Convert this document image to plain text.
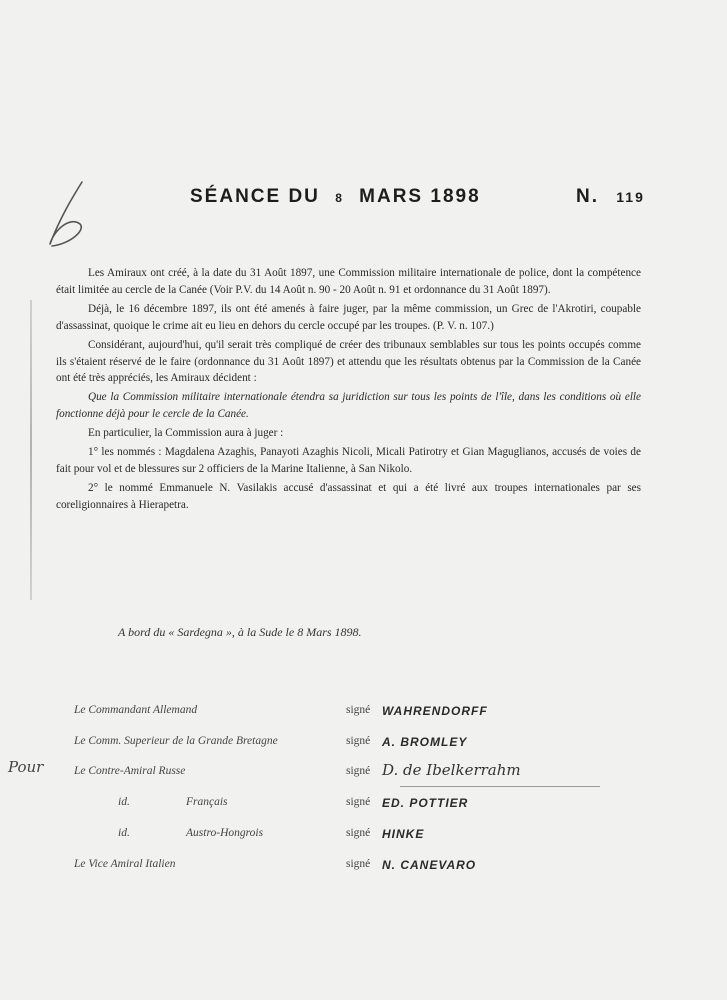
SÉANCE DU 8 MARS 1898	N. 119

Les Amiraux ont créé, à la date du 31 Août 1897, une Commission militaire internationale de police, dont la compétence était limitée au cercle de la Canée (Voir P.V. du 14 Août n. 90 - 20 Août n. 91 et ordonnance du 31 Août 1897).

Déjà, le 16 décembre 1897, ils ont été amenés à faire juger, par la même commission, un Grec de l'Akrotiri, coupable d'assassinat, quoique le crime ait eu lieu en dehors du cercle occupé par les troupes. (P. V. n. 107.)

Considérant, aujourd'hui, qu'il serait très compliqué de créer des tribunaux semblables sur tous les points occupés comme ils s'étaient réservé de le faire (ordonnance du 31 Août 1897) et attendu que les résultats obtenus par la Commission de la Canée ont été très appréciés, les Amiraux décident :

Que la Commission militaire internationale étendra sa juridiction sur tous les points de l'île, dans les conditions où elle fonctionne déjà pour le cercle de la Canée.

En particulier, la Commission aura à juger :

1° les nommés : Magdalena Azaghis, Panayoti Azaghis Nicoli, Micali Patirotry et Gian Maguglianos, accusés de voies de fait pour vol et de blessures sur 2 officiers de la Marine Italienne, à San Nikolo.

2° le nommé Emmanuele N. Vasilakis accusé d'assassinat et qui a été livré aux troupes internationales par ses coreligionnaires à Hierapetra.

A bord du « Sardegna », à la Sude le 8 Mars 1898.
Pour
Le Commandant Allemand	signé WAHRENDORFF
Le Comm. Superieur de la Grande Bretagne	signé A. BROMLEY
Le Contre-Amiral Russe	signé D. de Ibelkerrahm
id.	Français	signé ED. POTTIER
id.	Austro-Hongrois	signé HINKE
Le Vice Amiral Italien	signé N. CANEVARO
